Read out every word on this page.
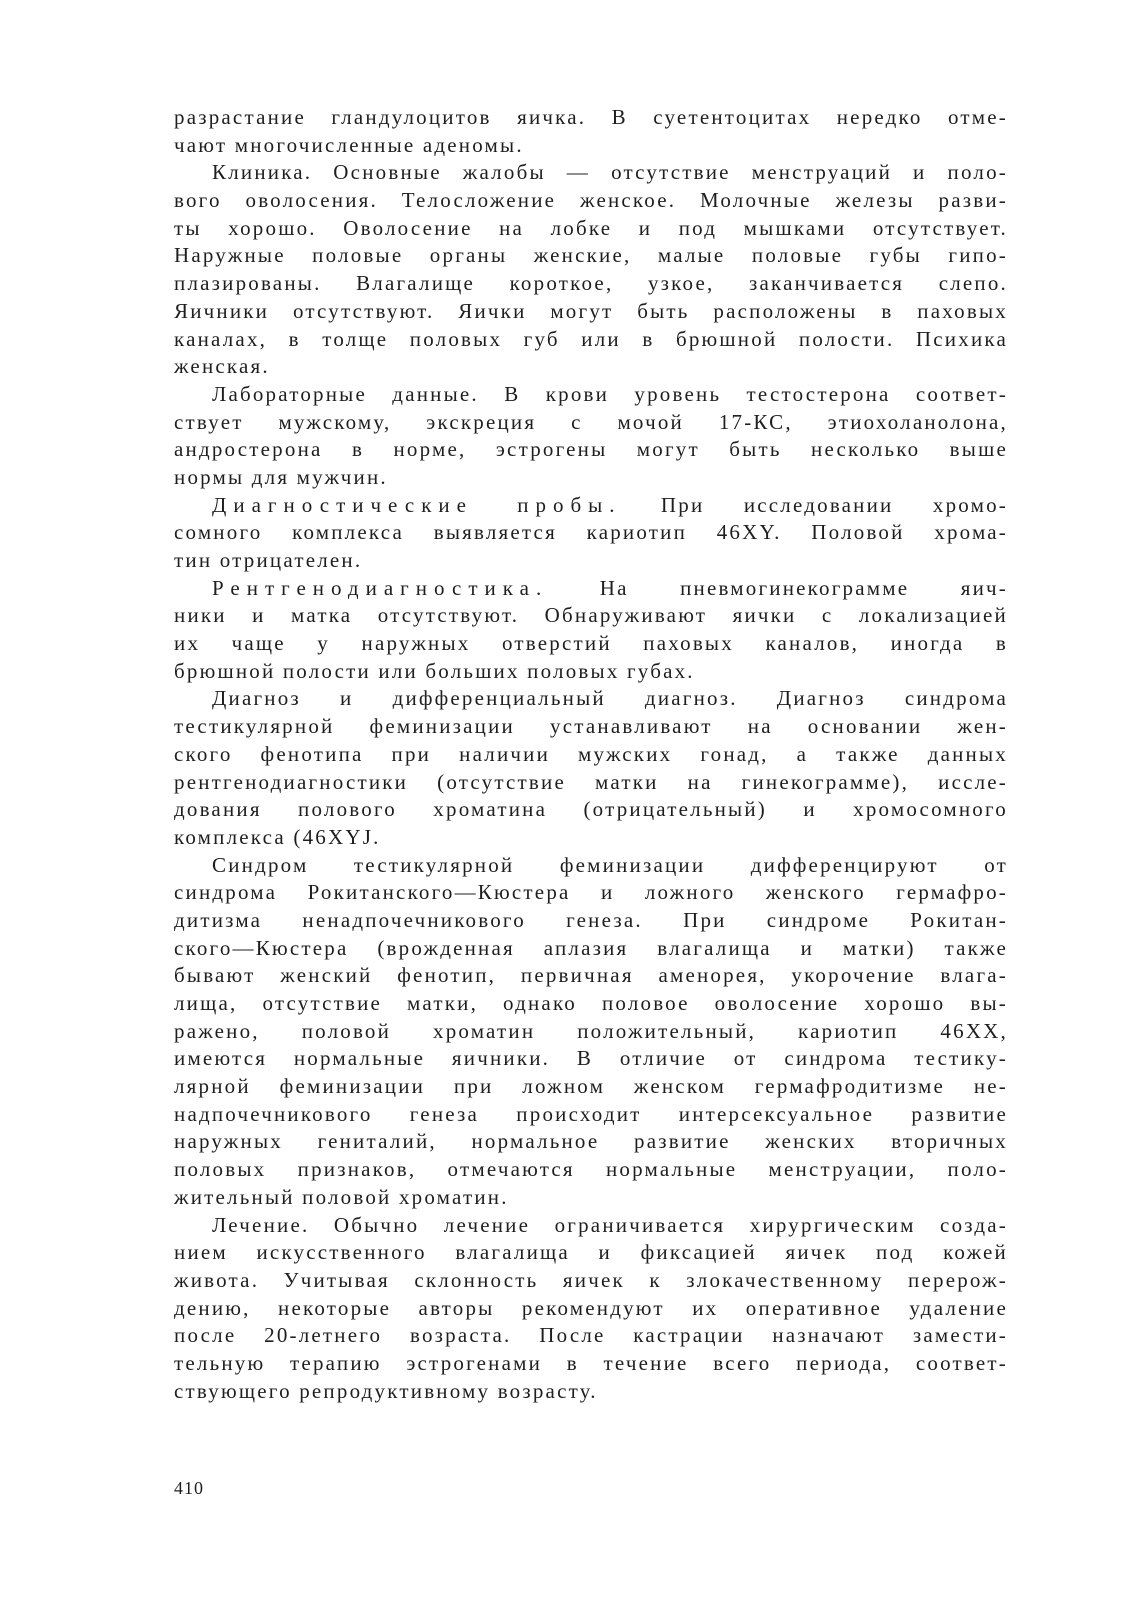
разрастание глaндулоцитов яичка. В суетентоцитах нередко отме-
чают многочисленные аденомы.
Клиника. Основные жалобы — отсутствие менструаций и поло-
вого оволосения. Телосложение женское. Молочные железы разви-
ты хорошо. Оволосение на лобке и под мышками отсутствует.
Наружные половые органы женские, малые половые губы гипо-
плазированы. Влагалище короткое, узкое, заканчивается слепо.
Яичники отсутствуют. Яички могут быть расположены в паховых
каналах, в толще половых губ или в брюшной полости. Психика
женская.
Лабораторные данные. В крови уровень тестостерона соответ-
ствует мужскому, экскреция с мочой 17-КС, этиохоланолона,
андростерона в норме, эстрогены могут быть несколько выше
нормы для мужчин.
Диагностические пробы. При исследовании хромо-
сомного комплекса выявляется кариотип 46XY. Половой хрома-
тин отрицателен.
Рентгенодиагностика. На пневмогинекограмме яич-
ники и матка отсутствуют. Обнаруживают яички с локализацией
их чаще у наружных отверстий паховых каналов, иногда в
брюшной полости или больших половых губах.
Диагноз и дифференциальный диагноз. Диагноз синдрома
тестикулярной феминизации устанавливают на основании жен-
ского фенотипа при наличии мужских гонад, а также данных
рентгенодиагностики (отсутствие матки на гинекограмме), иссле-
дования полового хроматина (отрицательный) и хромосомного
комплекса (46XYJ.
Синдром тестикулярной феминизации дифференцируют от
синдрома Рокитанского—Кюстера и ложного женского гермафро-
дитизма ненадпочечникового генеза. При синдроме Рокитан-
ского—Кюстера (врожденная аплазия влагалища и матки) также
бывают женский фенотип, первичная аменорея, укорочение влага-
лища, отсутствие матки, однако половое оволосение хорошо вы-
ражено, половой хроматин положительный, кариотип 46XX,
имеются нормальные яичники. В отличие от синдрома тестику-
лярной феминизации при ложном женском гермафродитизме не-
надпочечникового генеза происходит интерсексуальное развитие
наружных гениталий, нормальное развитие женских вторичных
половых признаков, отмечаются нормальные менструации, поло-
жительный половой хроматин.
Лечение. Обычно лечение ограничивается хирургическим созда-
нием искусственного влагалища и фиксацией яичек под кожей
живота. Учитывая склонность яичек к злокачественному перерож-
дению, некоторые авторы рекомендуют их оперативное удаление
после 20-летнего возраста. После кастрации назначают замести-
тельную терапию эстрогенами в течение всего периода, соответ-
ствующего репродуктивному возрасту.
410
